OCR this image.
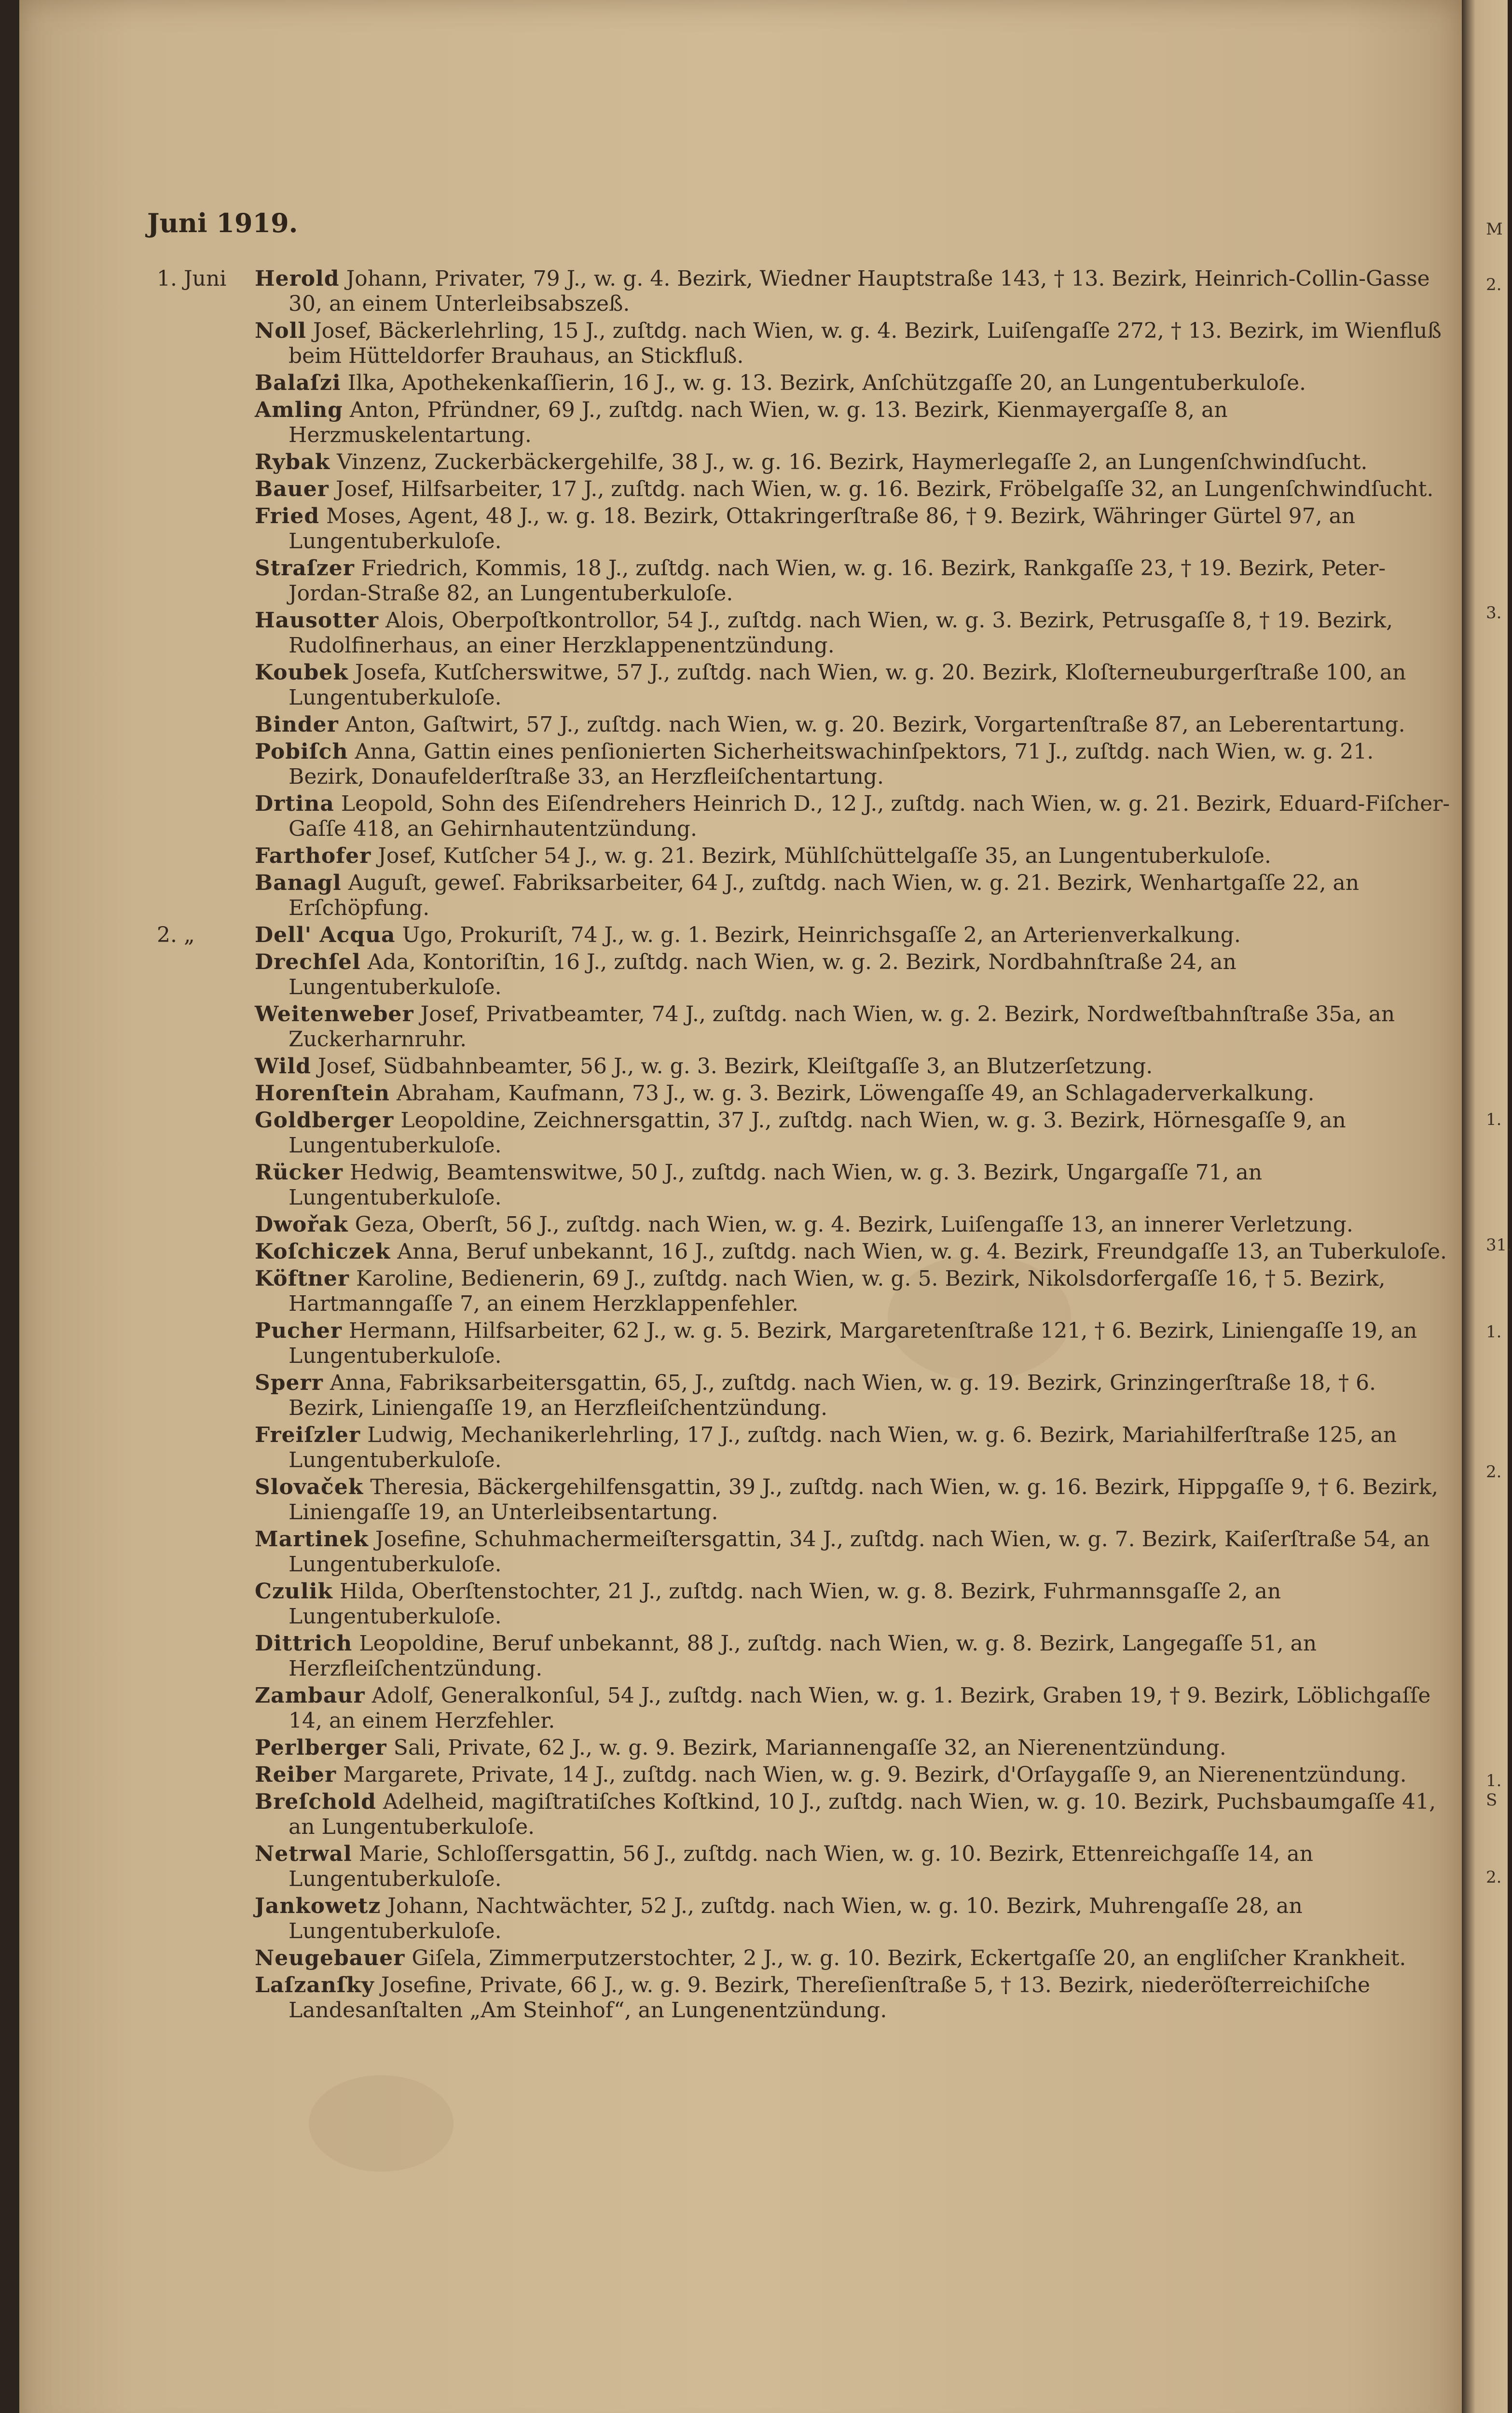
M
2.
3.
1.
31.
1.
2.
1. S
2.
Juni 1919.
1. Juni	Herold Johann, Privater, 79 J., w. g. 4. Bezirk, Wiedner Hauptstraße 143, † 13. Bezirk, Heinrich-Collin-Gasse 30, an einem Unterleibsabszeß.
Noll Josef, Bäckerlehrling, 15 J., zuſtdg. nach Wien, w. g. 4. Bezirk, Luiſengaſſe 272, † 13. Bezirk, im Wienfluß beim Hütteldorfer Brauhaus, an Stickfluß.
Balaſzi Ilka, Apothekenkaſſierin, 16 J., w. g. 13. Bezirk, Anſchützgaſſe 20, an Lungentuberkuloſe.
Amling Anton, Pfründner, 69 J., zuſtdg. nach Wien, w. g. 13. Bezirk, Kienmayergaſſe 8, an Herzmuskelentartung.
Rybak Vinzenz, Zuckerbäckergehilfe, 38 J., w. g. 16. Bezirk, Haymerlegaſſe 2, an Lungenſchwindſucht.
Bauer Josef, Hilfsarbeiter, 17 J., zuſtdg. nach Wien, w. g. 16. Bezirk, Fröbelgaſſe 32, an Lungenſchwindſucht.
Fried Moses, Agent, 48 J., w. g. 18. Bezirk, Ottakringerſtraße 86, † 9. Bezirk, Währinger Gürtel 97, an Lungentuberkuloſe.
Straſzer Friedrich, Kommis, 18 J., zuſtdg. nach Wien, w. g. 16. Bezirk, Rankgaſſe 23, † 19. Bezirk, Peter-Jordan-Straße 82, an Lungentuberkuloſe.
Hausotter Alois, Oberpoſtkontrollor, 54 J., zuſtdg. nach Wien, w. g. 3. Bezirk, Petrusgaſſe 8, † 19. Bezirk, Rudolfinerhaus, an einer Herzklappenentzündung.
Koubek Josefa, Kutſcherswitwe, 57 J., zuſtdg. nach Wien, w. g. 20. Bezirk, Kloſterneuburgerſtraße 100, an Lungentuberkuloſe.
Binder Anton, Gaſtwirt, 57 J., zuſtdg. nach Wien, w. g. 20. Bezirk, Vorgartenſtraße 87, an Leberentartung.
Pobiſch Anna, Gattin eines penſionierten Sicherheitswachinſpektors, 71 J., zuſtdg. nach Wien, w. g. 21. Bezirk, Donaufelderſtraße 33, an Herzfleiſchentartung.
Drtina Leopold, Sohn des Eiſendrehers Heinrich D., 12 J., zuſtdg. nach Wien, w. g. 21. Bezirk, Eduard-Fiſcher-Gaſſe 418, an Gehirnhautentzündung.
Farthofer Josef, Kutſcher 54 J., w. g. 21. Bezirk, Mühlſchüttelgaſſe 35, an Lungentuberkuloſe.
Banagl Auguſt, geweſ. Fabriksarbeiter, 64 J., zuſtdg. nach Wien, w. g. 21. Bezirk, Wenhartgaſſe 22, an Erſchöpfung.
2. „	Dell' Acqua Ugo, Prokuriſt, 74 J., w. g. 1. Bezirk, Heinrichsgaſſe 2, an Arterienverkalkung.
Drechſel Ada, Kontoriſtin, 16 J., zuſtdg. nach Wien, w. g. 2. Bezirk, Nordbahnſtraße 24, an Lungentuberkuloſe.
Weitenweber Josef, Privatbeamter, 74 J., zuſtdg. nach Wien, w. g. 2. Bezirk, Nordweſtbahnſtraße 35a, an Zuckerharnruhr.
Wild Josef, Südbahnbeamter, 56 J., w. g. 3. Bezirk, Kleiſtgaſſe 3, an Blutzerſetzung.
Horenſtein Abraham, Kaufmann, 73 J., w. g. 3. Bezirk, Löwengaſſe 49, an Schlagaderverkalkung.
Goldberger Leopoldine, Zeichnersgattin, 37 J., zuſtdg. nach Wien, w. g. 3. Bezirk, Hörnesgaſſe 9, an Lungentuberkuloſe.
Rücker Hedwig, Beamtenswitwe, 50 J., zuſtdg. nach Wien, w. g. 3. Bezirk, Ungargaſſe 71, an Lungentuberkuloſe.
Dwořak Geza, Oberſt, 56 J., zuſtdg. nach Wien, w. g. 4. Bezirk, Luiſengaſſe 13, an innerer Verletzung.
Koſchiczek Anna, Beruf unbekannt, 16 J., zuſtdg. nach Wien, w. g. 4. Bezirk, Freundgaſſe 13, an Tuberkuloſe.
Köftner Karoline, Bedienerin, 69 J., zuſtdg. nach Wien, w. g. 5. Bezirk, Nikolsdorfergaſſe 16, † 5. Bezirk, Hartmanngaſſe 7, an einem Herzklappenfehler.
Pucher Hermann, Hilfsarbeiter, 62 J., w. g. 5. Bezirk, Margaretenſtraße 121, † 6. Bezirk, Liniengaſſe 19, an Lungentuberkuloſe.
Sperr Anna, Fabriksarbeitersgattin, 65, J., zuſtdg. nach Wien, w. g. 19. Bezirk, Grinzingerſtraße 18, † 6. Bezirk, Liniengaſſe 19, an Herzfleiſchentzündung.
Freiſzler Ludwig, Mechanikerlehrling, 17 J., zuſtdg. nach Wien, w. g. 6. Bezirk, Mariahilferſtraße 125, an Lungentuberkuloſe.
Slovaček Theresia, Bäckergehilfensgattin, 39 J., zuſtdg. nach Wien, w. g. 16. Bezirk, Hippgaſſe 9, † 6. Bezirk, Liniengaſſe 19, an Unterleibsentartung.
Martinek Josefine, Schuhmachermeiſtersgattin, 34 J., zuſtdg. nach Wien, w. g. 7. Bezirk, Kaiſerſtraße 54, an Lungentuberkuloſe.
Czulik Hilda, Oberſtenstochter, 21 J., zuſtdg. nach Wien, w. g. 8. Bezirk, Fuhrmannsgaſſe 2, an Lungentuberkuloſe.
Dittrich Leopoldine, Beruf unbekannt, 88 J., zuſtdg. nach Wien, w. g. 8. Bezirk, Langegaſſe 51, an Herzfleiſchentzündung.
Zambaur Adolf, Generalkonſul, 54 J., zuſtdg. nach Wien, w. g. 1. Bezirk, Graben 19, † 9. Bezirk, Löblichgaſſe 14, an einem Herzfehler.
Perlberger Sali, Private, 62 J., w. g. 9. Bezirk, Mariannengaſſe 32, an Nierenentzündung.
Reiber Margarete, Private, 14 J., zuſtdg. nach Wien, w. g. 9. Bezirk, d'Orſaygaſſe 9, an Nierenentzündung.
Breſchold Adelheid, magiſtratiſches Koſtkind, 10 J., zuſtdg. nach Wien, w. g. 10. Bezirk, Puchsbaumgaſſe 41, an Lungentuberkuloſe.
Netrwal Marie, Schloſſersgattin, 56 J., zuſtdg. nach Wien, w. g. 10. Bezirk, Ettenreichgaſſe 14, an Lungentuberkuloſe.
Jankowetz Johann, Nachtwächter, 52 J., zuſtdg. nach Wien, w. g. 10. Bezirk, Muhrengaſſe 28, an Lungentuberkuloſe.
Neugebauer Giſela, Zimmerputzerstochter, 2 J., w. g. 10. Bezirk, Eckertgaſſe 20, an engliſcher Krankheit.
Laſzanſky Josefine, Private, 66 J., w. g. 9. Bezirk, Thereſienſtraße 5, † 13. Bezirk, niederöſterreichiſche Landesanſtalten „Am Steinhof“, an Lungenentzündung.
